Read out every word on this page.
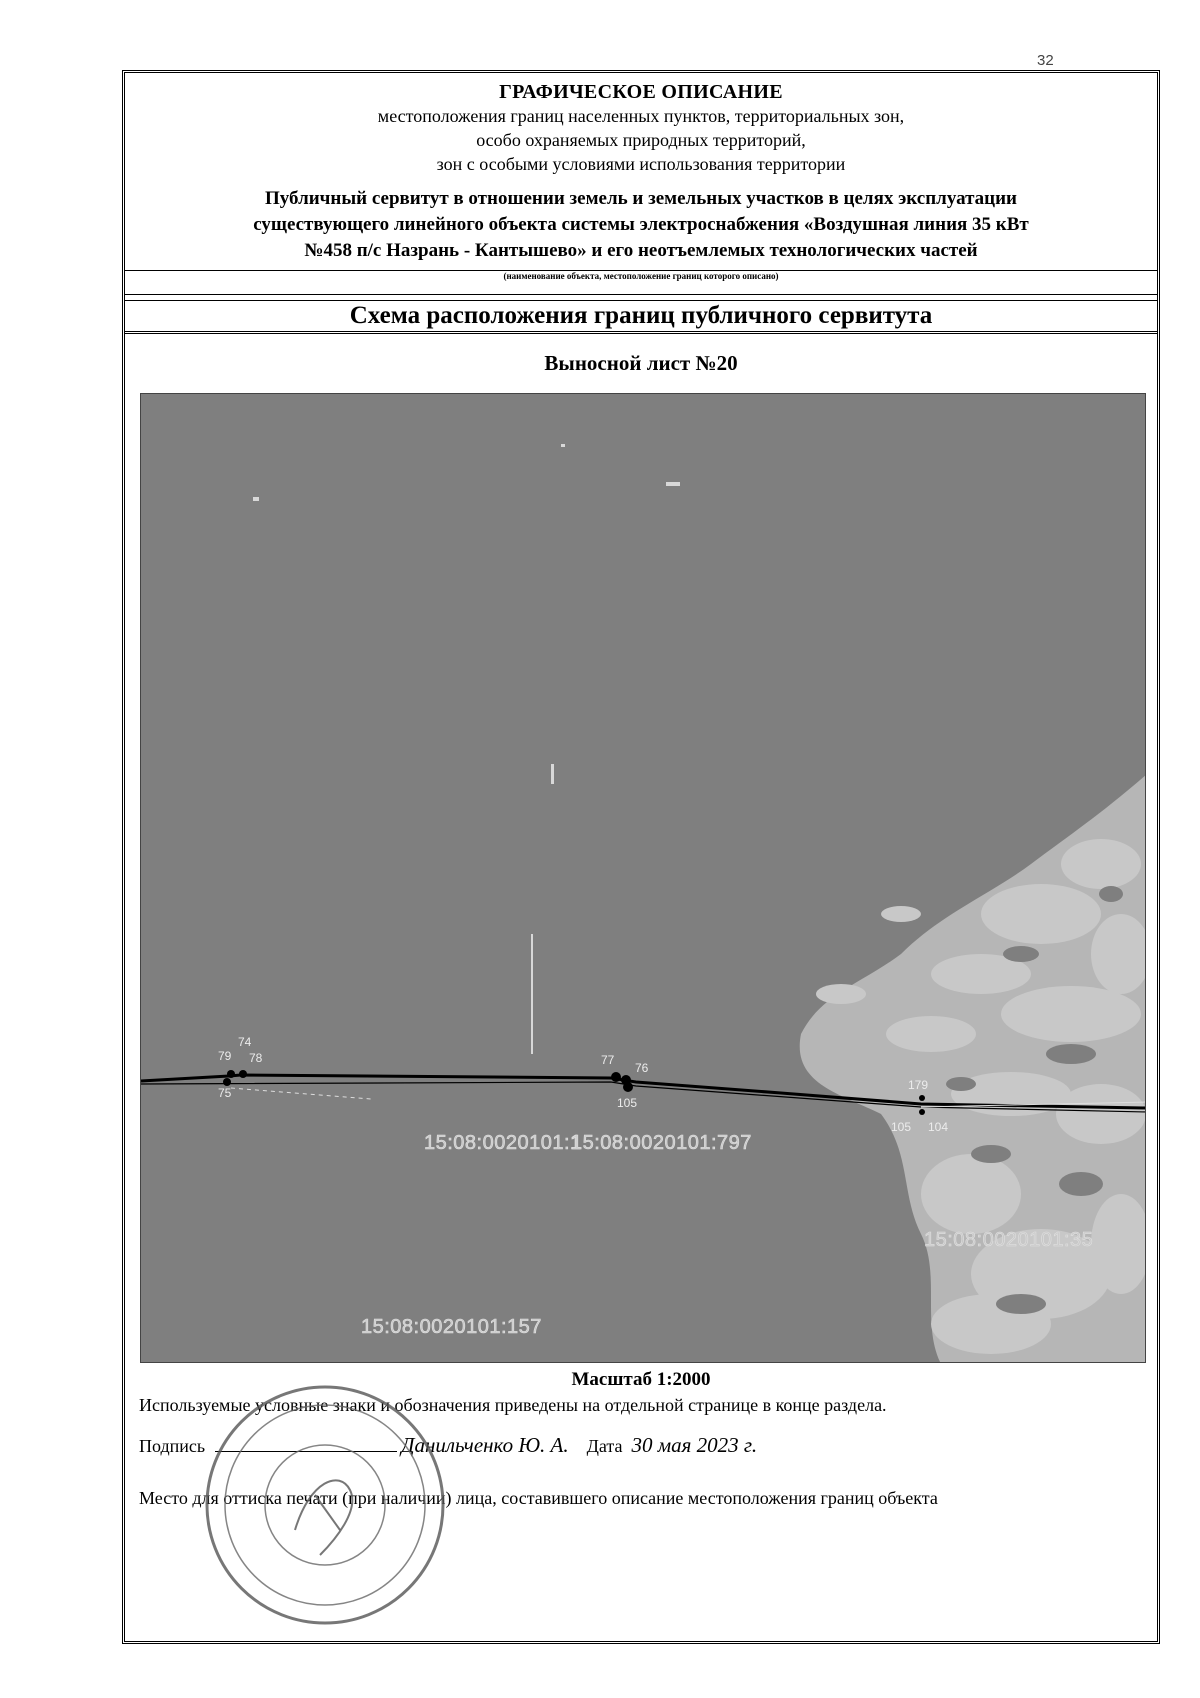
32
ГРАФИЧЕСКОЕ ОПИСАНИЕ
местоположения границ населенных пунктов, территориальных зон,
особо охраняемых природных территорий,
зон с особыми условиями использования территории
Публичный сервитут в отношении земель и земельных участков в целях эксплуатации
существующего линейного объекта системы электроснабжения «Воздушная линия 35 кВт
№458 п/с Назрань - Кантышево» и его неотъемлемых технологических частей
(наименование объекта, местоположение границ которого описано)
Схема расположения границ публичного сервитута
Выносной лист №20
79
74
78
75
77
76
105
179
105 104
15:08:0020101:1
15:08:0020101:797
15:08:0020101:35
15:08:0020101:157
Масштаб 1:2000
Используемые условные знаки и обозначения приведены на отдельной странице в конце раздела.
Подпись	Данильченко Ю. А. Дата 30 мая 2023 г.
Место для оттиска печати (при наличии) лица, составившего описание местоположения границ объекта
